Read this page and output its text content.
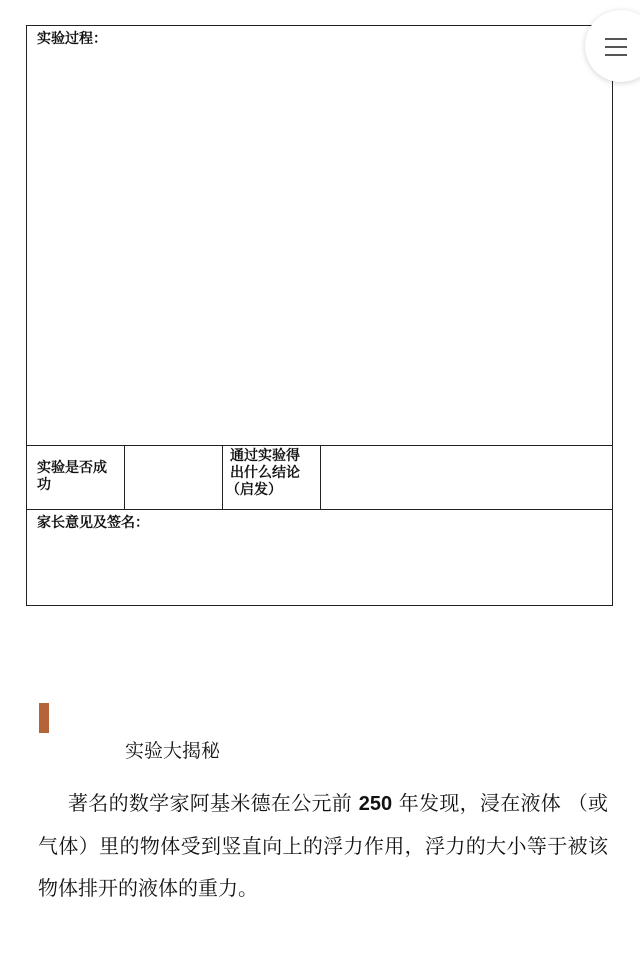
实验过程：
实验是否成
功
通过实验得
出什么结论
（启发）
家长意见及签名：
实验大揭秘
著名的数学家阿基米德在公元前 250 年发现，浸在液体 （或气体）里的物体受到竖直向上的浮力作用，浮力的大小等于被该物体排开的液体的重力。
